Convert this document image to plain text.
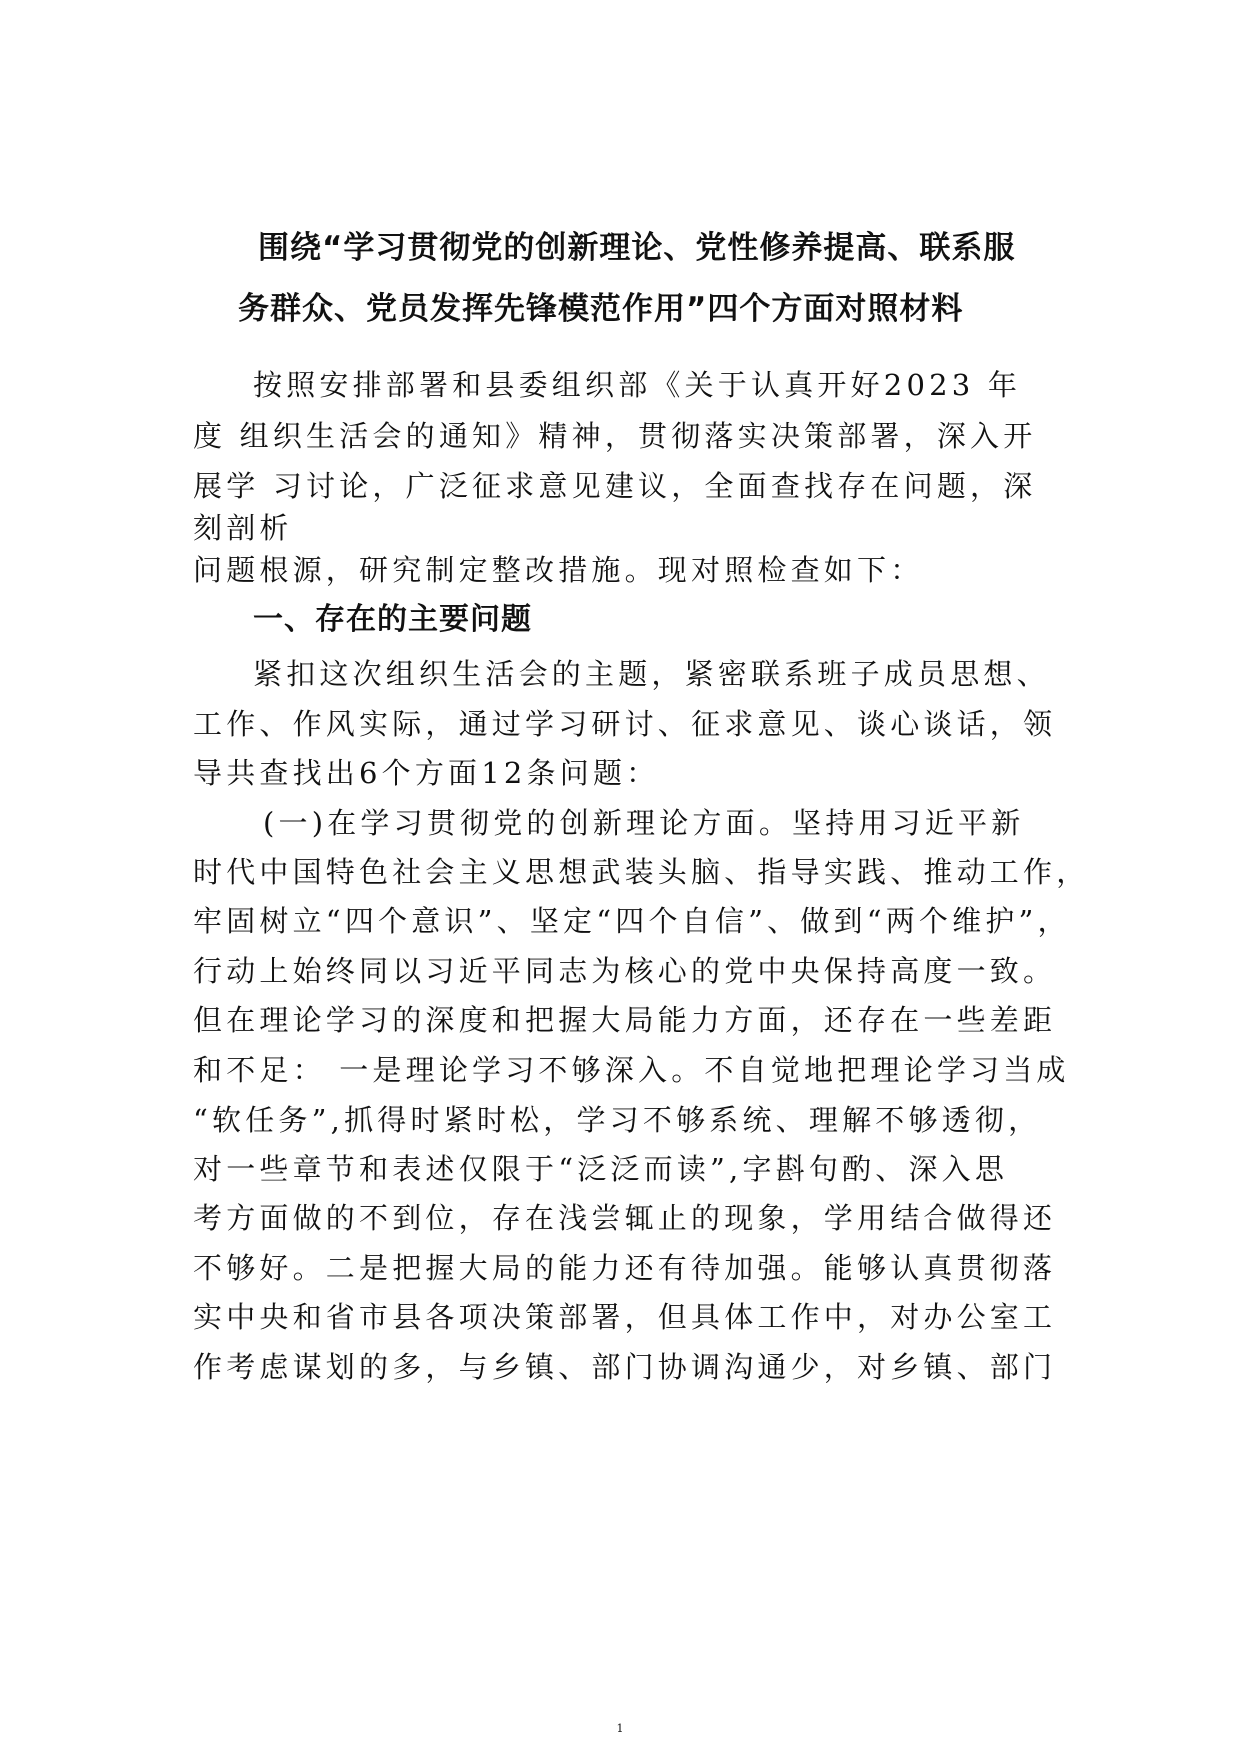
围绕“学习贯彻党的创新理论、党性修养提高、联系服
务群众、党员发挥先锋模范作用”四个方面对照材料
按照安排部署和县委组织部《关于认真开好2023 年
度 组织生活会的通知》精神，贯彻落实决策部署，深入开
展学 习讨论，广泛征求意见建议，全面查找存在问题，深
刻剖析
问题根源，研究制定整改措施。现对照检查如下：
一、存在的主要问题
紧扣这次组织生活会的主题，紧密联系班子成员思想、
工作、作风实际，通过学习研讨、征求意见、谈心谈话，领
导共查找出6个方面12条问题：
(一)在学习贯彻党的创新理论方面。坚持用习近平新
时代中国特色社会主义思想武装头脑、指导实践、推动工作，
牢固树立“四个意识”、坚定“四个自信”、做到“两个维护”，
行动上始终同以习近平同志为核心的党中央保持高度一致。
但在理论学习的深度和把握大局能力方面，还存在一些差距
和不足： 一是理论学习不够深入。不自觉地把理论学习当成
“软任务”,抓得时紧时松，学习不够系统、理解不够透彻，
对一些章节和表述仅限于“泛泛而读”,字斟句酌、深入思
考方面做的不到位，存在浅尝辄止的现象，学用结合做得还
不够好。二是把握大局的能力还有待加强。能够认真贯彻落
实中央和省市县各项决策部署，但具体工作中，对办公室工
作考虑谋划的多，与乡镇、部门协调沟通少，对乡镇、部门
1
